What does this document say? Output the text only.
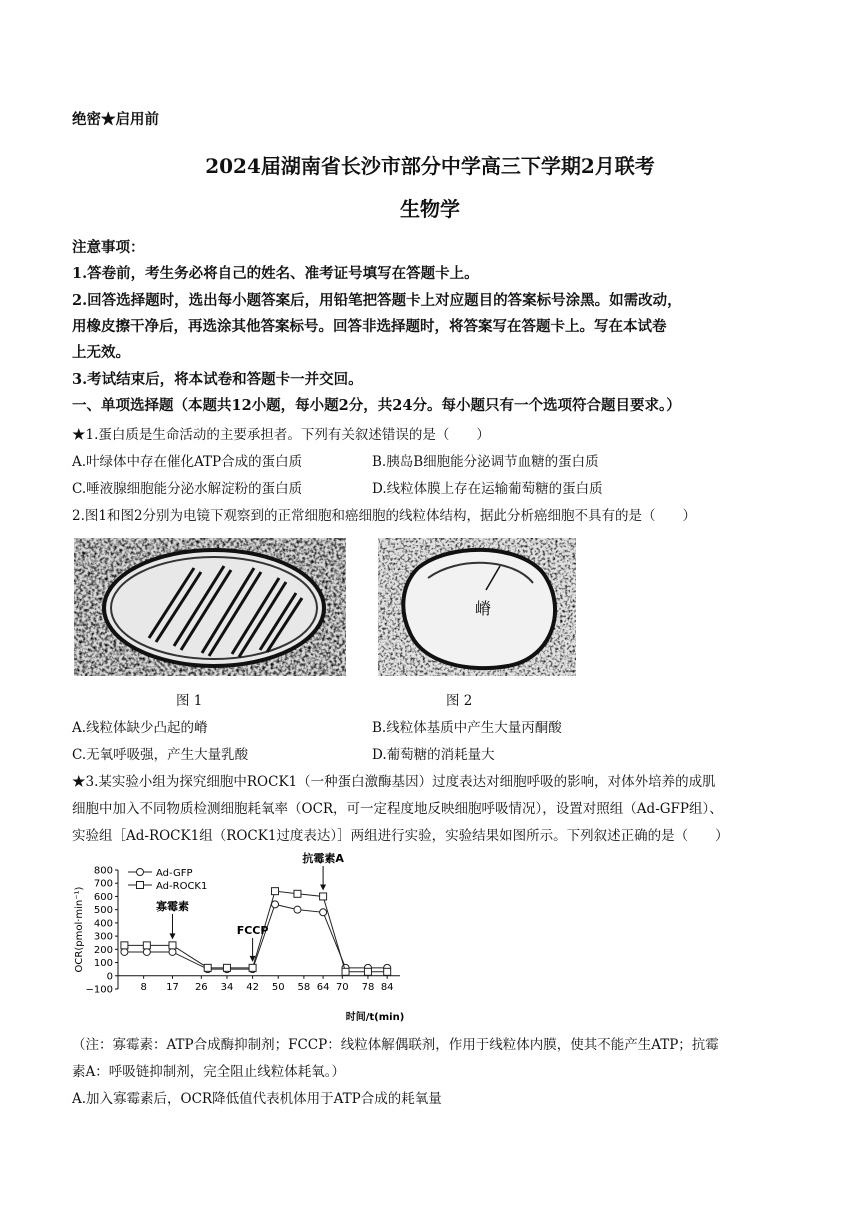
绝密★启用前
2024届湖南省长沙市部分中学高三下学期2月联考
生物学
注意事项：
1.答卷前，考生务必将自己的姓名、准考证号填写在答题卡上。
2.回答选择题时，选出每小题答案后，用铅笔把答题卡上对应题目的答案标号涂黑。如需改动，
用橡皮擦干净后，再选涂其他答案标号。回答非选择题时，将答案写在答题卡上。写在本试卷
上无效。
3.考试结束后，将本试卷和答题卡一并交回。
一、单项选择题（本题共12小题，每小题2分，共24分。每小题只有一个选项符合题目要求。）
★1.蛋白质是生命活动的主要承担者。下列有关叙述错误的是（　　）
A.叶绿体中存在催化ATP合成的蛋白质	B.胰岛B细胞能分泌调节血糖的蛋白质
C.唾液腺细胞能分泌水解淀粉的蛋白质	D.线粒体膜上存在运输葡萄糖的蛋白质
2.图1和图2分别为电镜下观察到的正常细胞和癌细胞的线粒体结构，据此分析癌细胞不具有的是（　　）
嵴
图 1	图 2
A.线粒体缺少凸起的嵴	B.线粒体基质中产生大量丙酮酸
C.无氧呼吸强，产生大量乳酸	D.葡萄糖的消耗量大
★3.某实验小组为探究细胞中ROCK1（一种蛋白激酶基因）过度表达对细胞呼吸的影响，对体外培养的成肌
细胞中加入不同物质检测细胞耗氧率（OCR，可一定程度地反映细胞呼吸情况），设置对照组（Ad-GFP组）、
实验组［Ad-ROCK1组（ROCK1过度表达）］两组进行实验，实验结果如图所示。下列叙述正确的是（　　）
−100
0
100
200
300
400
500
600
700
800
8 17 26 34 42 50 58 64 70 78 84
时间/t(min)
OCR(pmol·min⁻¹)
Ad-GFP
Ad-ROCK1
寡霉素
FCCP
抗霉素A
（注：寡霉素：ATP合成酶抑制剂；FCCP：线粒体解偶联剂，作用于线粒体内膜，使其不能产生ATP；抗霉
素A：呼吸链抑制剂，完全阻止线粒体耗氧。）
A.加入寡霉素后，OCR降低值代表机体用于ATP合成的耗氧量
